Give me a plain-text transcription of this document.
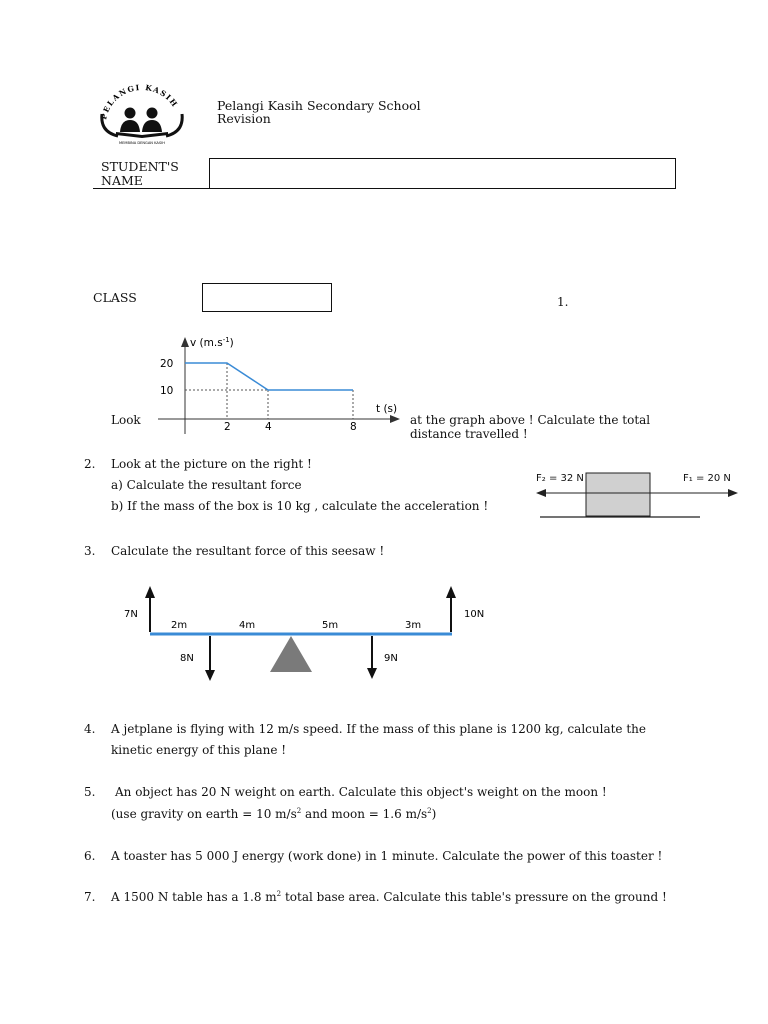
PELANGI KASIH
MEMBINA DENGAN KASIH
Pelangi Kasih Secondary School
Revision
STUDENT'S
NAME
CLASS	1.
v $(m.s^{-1})$
t (s)
20
10
2	4	8
Look	at the graph above ! Calculate the total
distance travelled !
2. Look at the picture on the right !
a) Calculate the resultant force
b) If the mass of the box is 10 kg , calculate the acceleration !
F₂ = 32 N	F₁ = 20 N
3. Calculate the resultant force of this seesaw !
7N	10N
8N	9N
2m	4m	5m	3m
4. A jetplane is flying with 12 m/s speed. If the mass of this plane is 1200 kg, calculate the
kinetic energy of this plane !
5. An object has 20 N weight on earth. Calculate this object's weight on the moon !
(use gravity on earth = 10 $m/s^2$ and moon = 1.6 $m/s^2$)
6. A toaster has 5 000 J energy (work done) in 1 minute. Calculate the power of this toaster !
7. A 1500 N table has a 1.8 $m^2$ total base area. Calculate this table's pressure on the ground !
